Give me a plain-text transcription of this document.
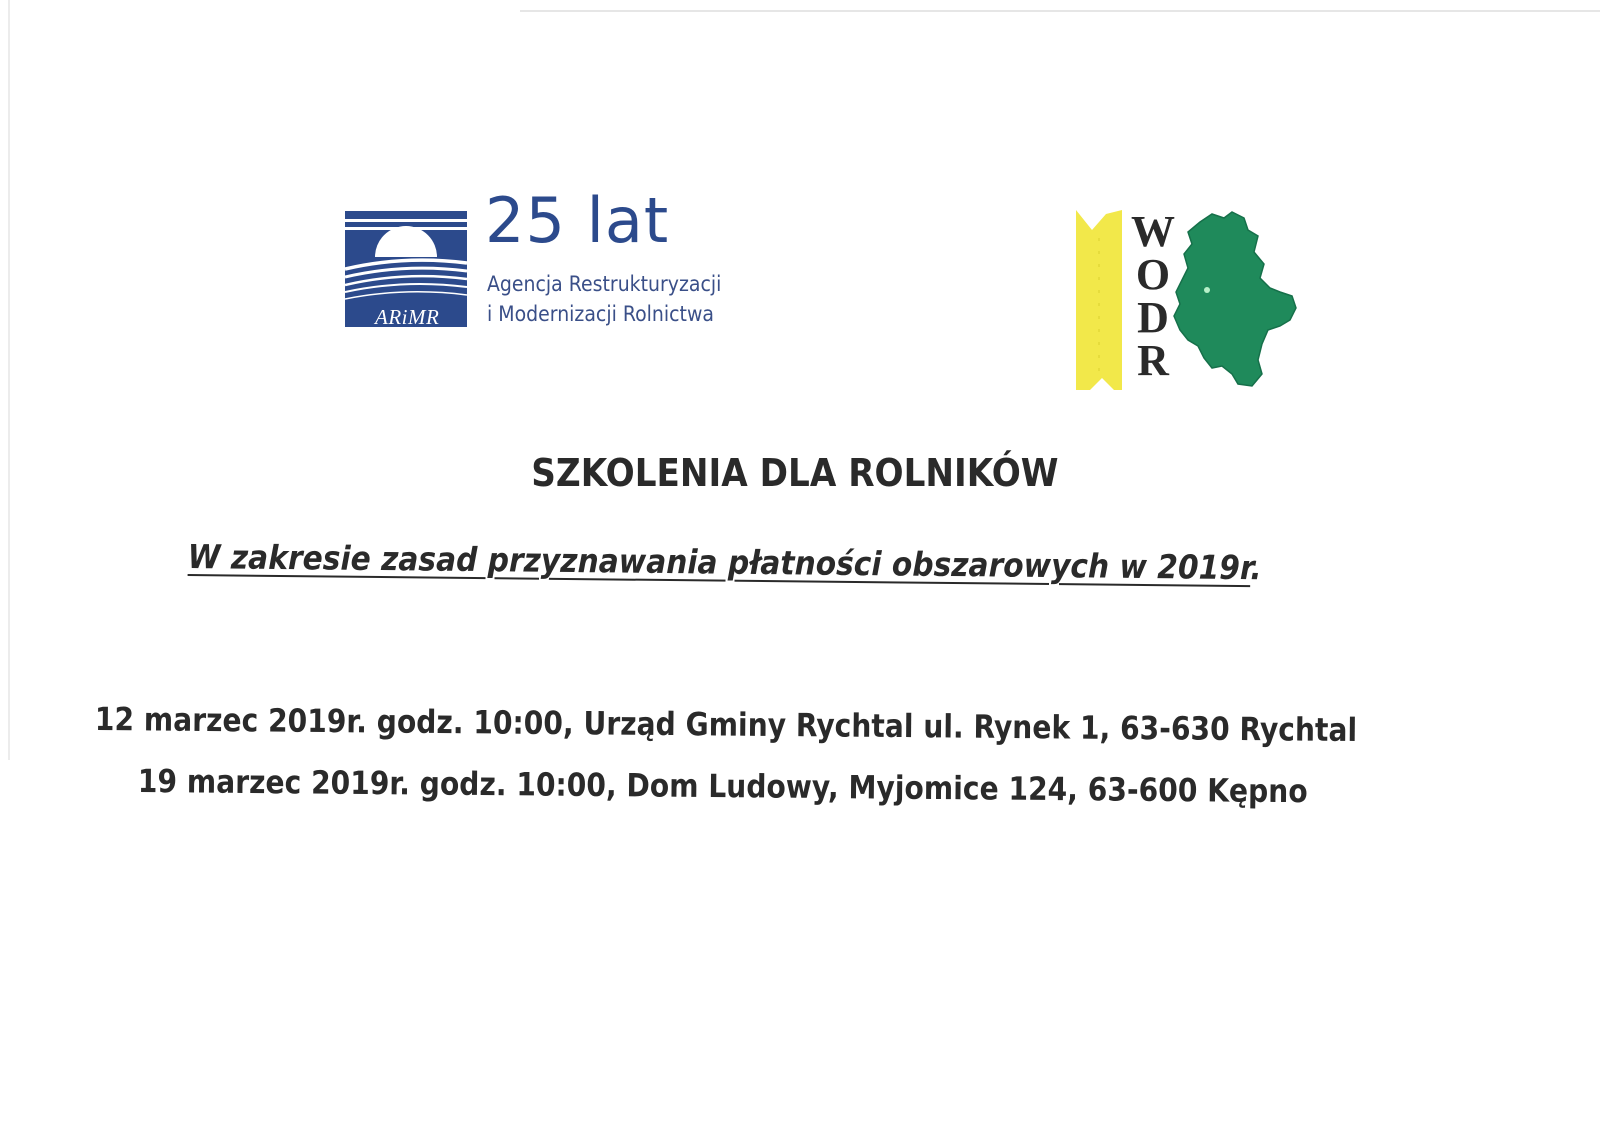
ARiMR
25 lat
Agencja Restrukturyzacji
i Modernizacji Rolnictwa
W
O
D
R
SZKOLENIA DLA ROLNIKÓW
W zakresie zasad przyznawania płatności obszarowych w 2019r.
12 marzec 2019r. godz. 10:00, Urząd Gminy Rychtal ul. Rynek 1, 63-630 Rychtal
19 marzec 2019r. godz. 10:00, Dom Ludowy, Myjomice 124, 63-600 Kępno
